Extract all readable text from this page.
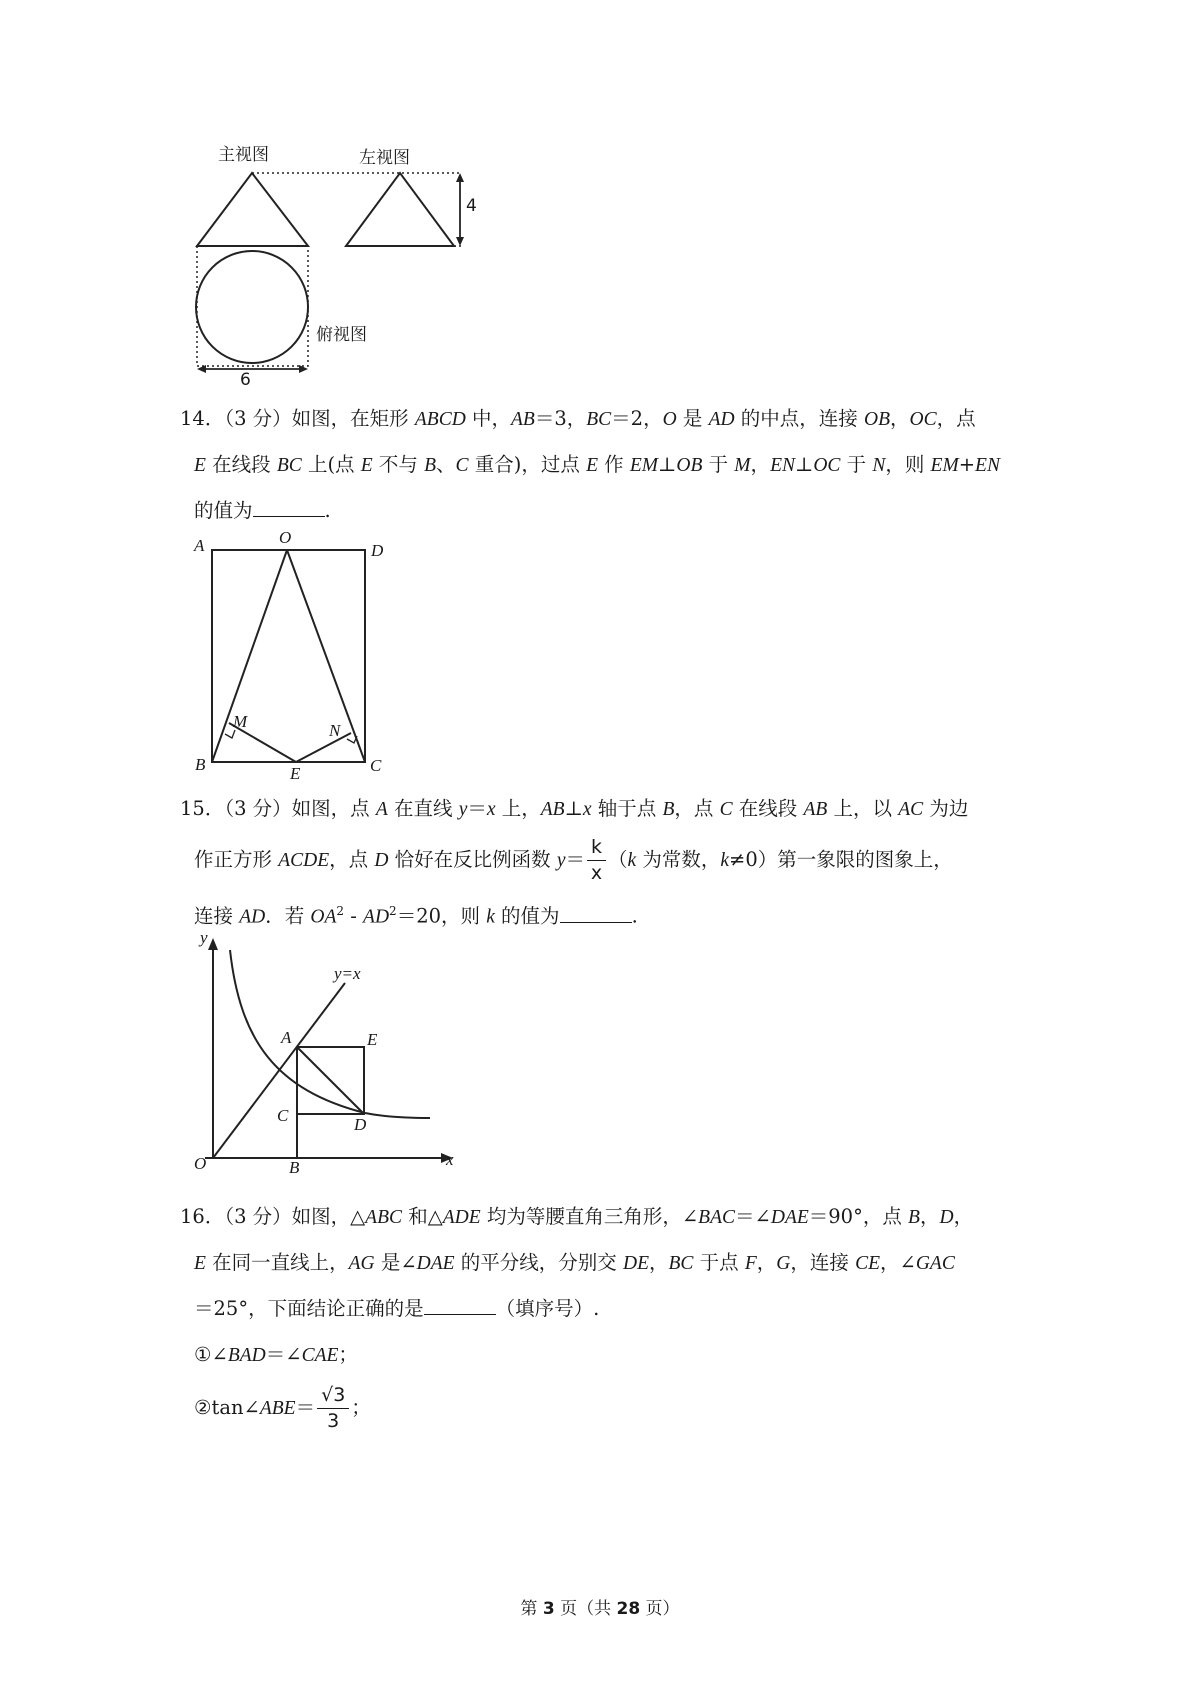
主视图	左视图
俯视图
4
6
14．（3 分）如图，在矩形 ABCD 中，AB＝3，BC＝2，O 是 AD 的中点，连接 OB，OC，点
E 在线段 BC 上(点 E 不与 B、C 重合)，过点 E 作 EM⊥OB 于 M，EN⊥OC 于 N，则 EM+EN
的值为	.
A	O
D
B	E	C
M	N
15．（3 分）如图，点 A 在直线 y＝x 上，AB⊥x 轴于点 B，点 C 在线段 AB 上，以 AC 为边
作正方形 ACDE，点 D 恰好在反比例函数 $y= \frac{k}{x} (k$ 为常数，k≠0）第一象限的图象上，
连接 AD．若 $OA^2 - AD^2=20$，则 k 的值为	.
y
x
y=x
O
A	E
C	D
B
16．（3 分）如图，△ABC 和△ADE 均为等腰直角三角形，∠BAC＝∠DAE＝90°，点 B，D，
E 在同一直线上，AG 是∠DAE 的平分线，分别交 DE，BC 于点 F，G，连接 CE，∠GAC
＝25°，下面结论正确的是	（填序号）.
①∠BAD＝∠CAE；
②tan∠ABE＝ $\frac{√3}{3}$ ；
第 3 页（共 28 页）
